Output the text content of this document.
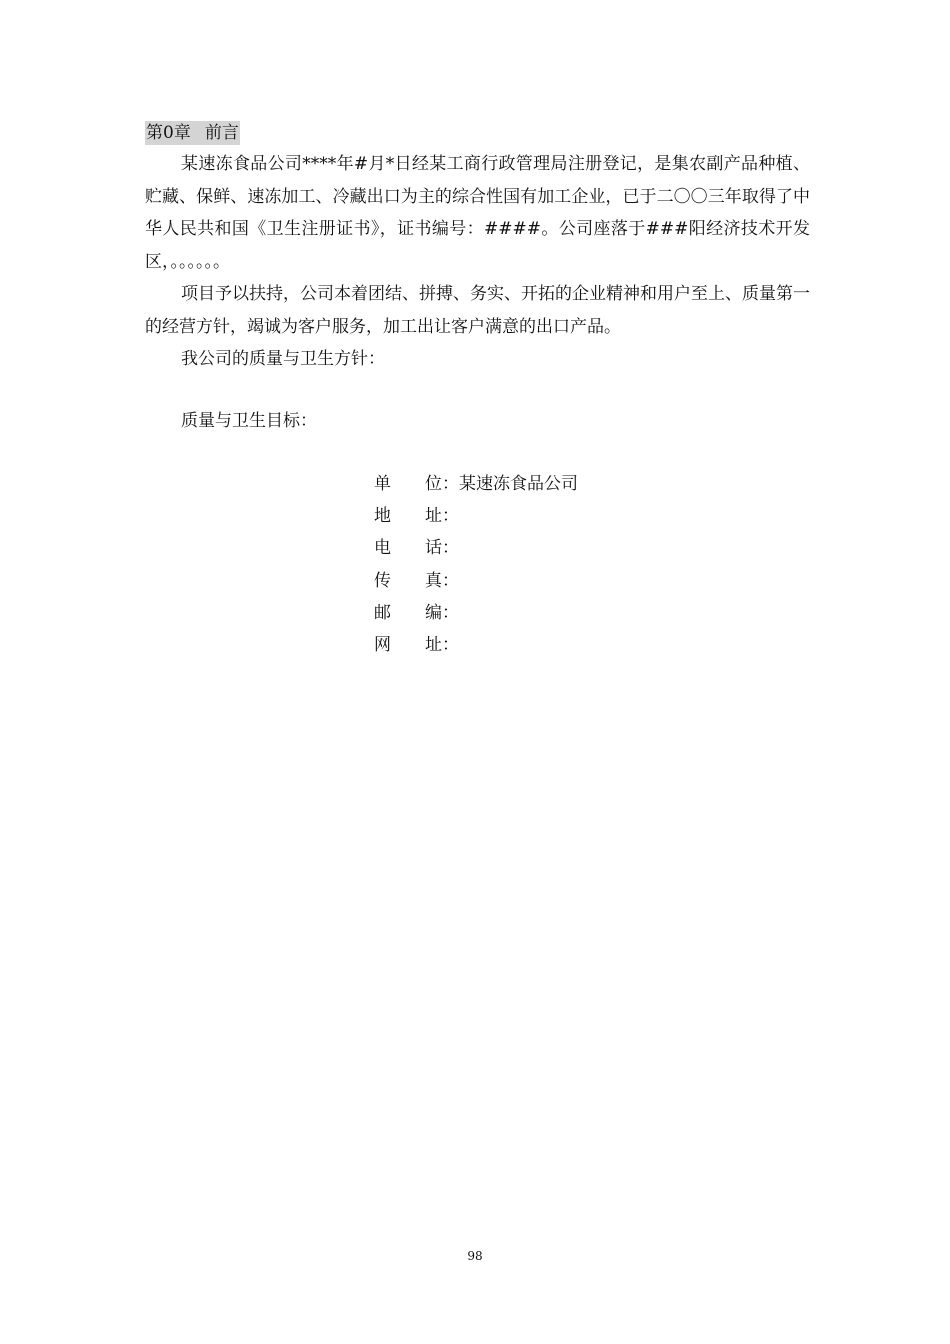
第0章 前言

某速冻食品公司****年#月*日经某工商行政管理局注册登记，是集农副产品种植、贮藏、保鲜、速冻加工、冷藏出口为主的综合性国有加工企业，已于二〇〇三年取得了中华人民共和国《卫生注册证书》，证书编号：####。公司座落于###阳经济技术开发区，。。。。。。

项目予以扶持，公司本着团结、拼搏、务实、开拓的企业精神和用户至上、质量第一的经营方针，竭诚为客户服务，加工出让客户满意的出口产品。

我公司的质量与卫生方针：

质量与卫生目标：

单 位 ： 某速冻食品公司
地 址 ：
电 话 ：
传 真 ：
邮 编 ：
网 址 ：
98
